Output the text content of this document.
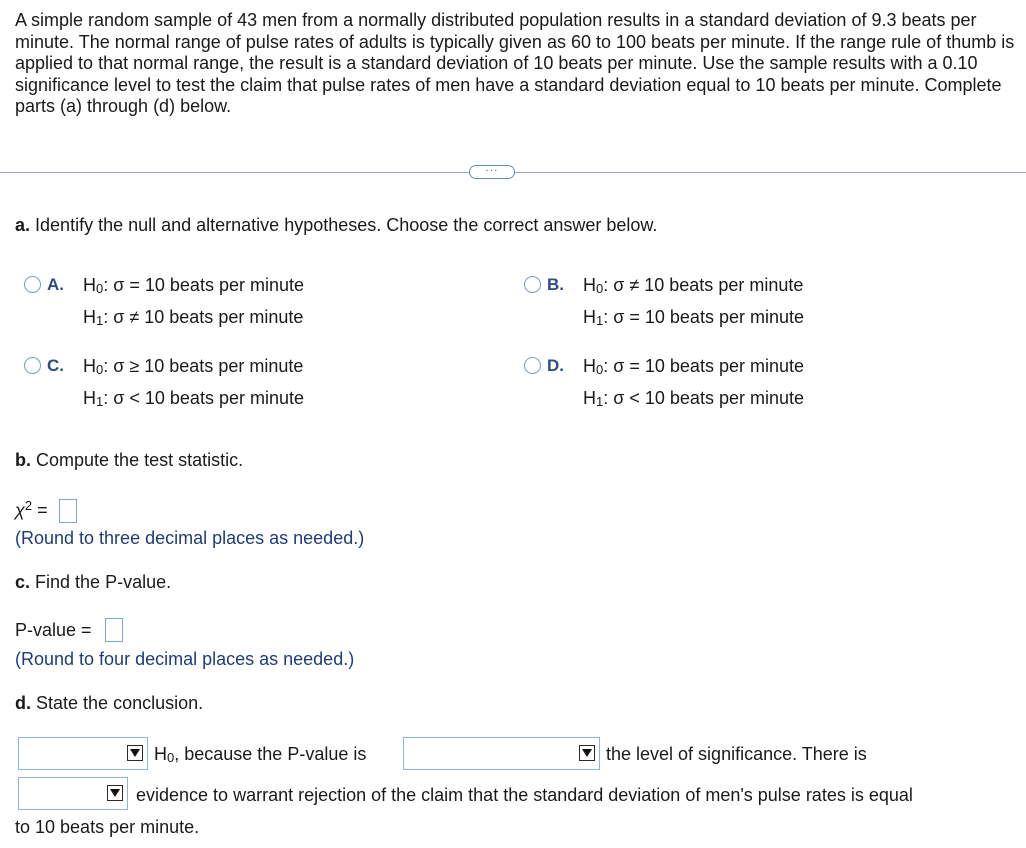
A simple random sample of 43 men from a normally distributed population results in a standard deviation of 9.3 beats per minute. The normal range of pulse rates of adults is typically given as 60 to 100 beats per minute. If the range rule of thumb is applied to that normal range, the result is a standard deviation of 10 beats per minute. Use the sample results with a 0.10 significance level to test the claim that pulse rates of men have a standard deviation equal to 10 beats per minute. Complete parts (a) through (d) below.

···
a. Identify the null and alternative hypotheses. Choose the correct answer below.
A. $H_0$: σ = 10 beats per minute
$H_1$: σ ≠ 10 beats per minute
B. $H_0$: σ ≠ 10 beats per minute
$H_1$: σ = 10 beats per minute
C. $H_0$: σ ≥ 10 beats per minute
$H_1$: σ < 10 beats per minute
D. $H_0$: σ = 10 beats per minute
$H_1$: σ < 10 beats per minute
b. Compute the test statistic.
$\chi^2$ =
(Round to three decimal places as needed.)
c. Find the P-value.
P-value =
(Round to four decimal places as needed.)
d. State the conclusion.
$H_0$, because the P-value is	the level of significance. There is
evidence to warrant rejection of the claim that the standard deviation of men's pulse rates is equal
to 10 beats per minute.
